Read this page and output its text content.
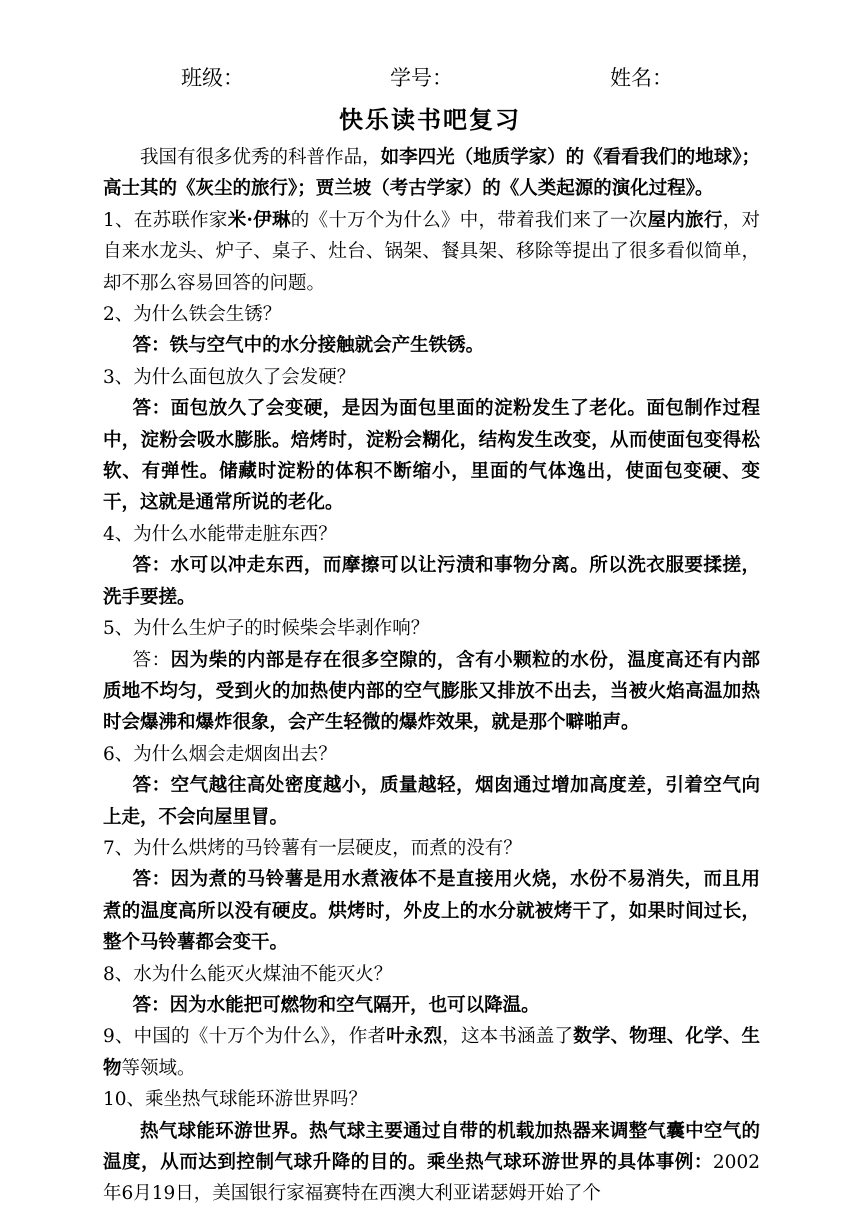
班级：	学号：	姓名：
快乐读书吧复习

我国有很多优秀的科普作品，如李四光（地质学家）的《看看我们的地球》；高士其的《灰尘的旅行》；贾兰坡（考古学家）的《人类起源的演化过程》。

1、在苏联作家米·伊琳的《十万个为什么》中，带着我们来了一次屋内旅行，对自来水龙头、炉子、桌子、灶台、锅架、餐具架、移除等提出了很多看似简单，却不那么容易回答的问题。

2、为什么铁会生锈？

答：铁与空气中的水分接触就会产生铁锈。

3、为什么面包放久了会发硬？

答：面包放久了会变硬，是因为面包里面的淀粉发生了老化。面包制作过程中，淀粉会吸水膨胀。焙烤时，淀粉会糊化，结构发生改变，从而使面包变得松软、有弹性。储藏时淀粉的体积不断缩小，里面的气体逸出，使面包变硬、变干，这就是通常所说的老化。

4、为什么水能带走脏东西？

答：水可以冲走东西，而摩擦可以让污渍和事物分离。所以洗衣服要揉搓，洗手要搓。

5、为什么生炉子的时候柴会毕剥作响？

答：因为柴的内部是存在很多空隙的，含有小颗粒的水份，温度高还有内部质地不均匀，受到火的加热使内部的空气膨胀又排放不出去，当被火焰高温加热时会爆沸和爆炸很象，会产生轻微的爆炸效果，就是那个噼啪声。

6、为什么烟会走烟囱出去？

答：空气越往高处密度越小，质量越轻，烟囱通过增加高度差，引着空气向上走，不会向屋里冒。

7、为什么烘烤的马铃薯有一层硬皮，而煮的没有？

答：因为煮的马铃薯是用水煮液体不是直接用火烧，水份不易消失，而且用煮的温度高所以没有硬皮。烘烤时，外皮上的水分就被烤干了，如果时间过长，整个马铃薯都会变干。

8、水为什么能灭火煤油不能灭火？

答：因为水能把可燃物和空气隔开，也可以降温。

9、中国的《十万个为什么》，作者叶永烈，这本书涵盖了数学、物理、化学、生物等领域。

10、乘坐热气球能环游世界吗？

热气球能环游世界。热气球主要通过自带的机载加热器来调整气囊中空气的温度，从而达到控制气球升降的目的。乘坐热气球环游世界的具体事例：2002年6月19日，美国银行家福赛特在西澳大利亚诺瑟姆开始了个
